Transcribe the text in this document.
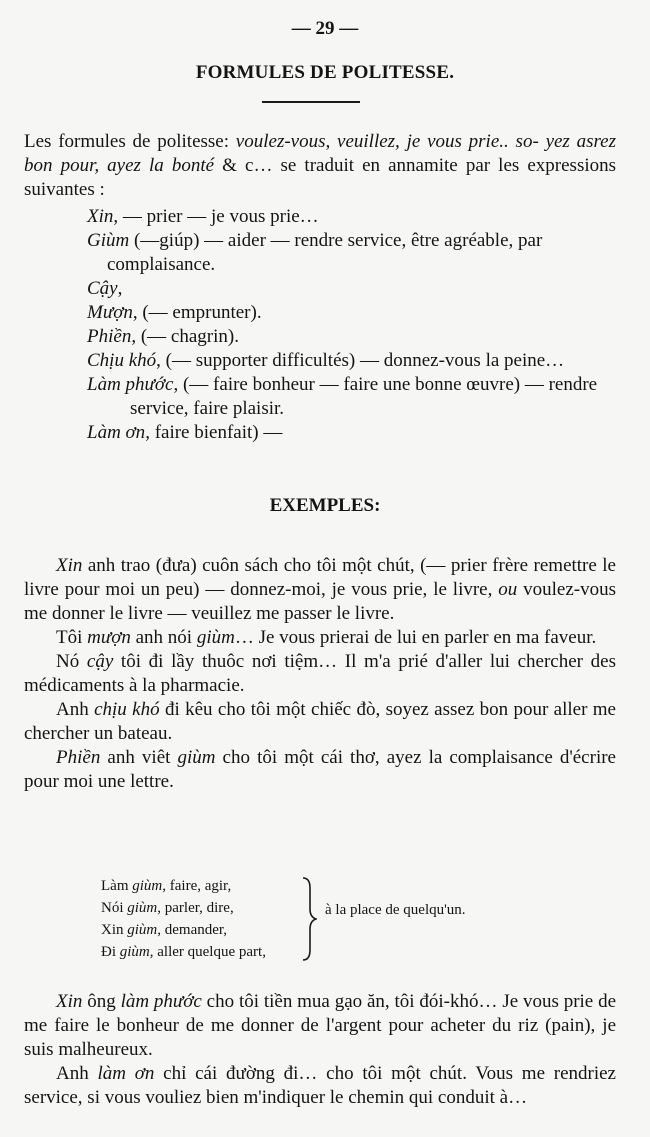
— 29 —
FORMULES DE POLITESSE.
Les formules de politesse: voulez-vous, veuillez, je vous prie.. so- yez asrez bon pour, ayez la bonté & c… se traduit en annamite par les expressions suivantes :
Xin, — prier — je vous prie…
Giùm (—giúp) — aider — rendre service, être agréable, par complaisance.
Cậy,
Mượn, (— emprunter).
Phiền, (— chagrin).
Chịu khó, (— supporter difficultés) — donnez-vous la peine…
Làm phước, (— faire bonheur — faire une bonne œuvre) — rendre service, faire plaisir.
Làm ơn, faire bienfait) —
EXEMPLES:
Xin anh trao (đưa) cuôn sách cho tôi một chút, (— prier frère remettre le livre pour moi un peu) — donnez-moi, je vous prie, le livre, ou voulez-vous me donner le livre — veuillez me passer le livre.
Tôi mượn anh nói giùm… Je vous prierai de lui en parler en ma faveur.
Nó cậy tôi đi lầy thuôc nơi tiệm… Il m'a prié d'aller lui chercher des médicaments à la pharmacie.
Anh chịu khó đi kêu cho tôi một chiếc đò, soyez assez bon pour aller me chercher un bateau.
Phiền anh viêt giùm cho tôi một cái thơ, ayez la complaisance d'écrire pour moi une lettre.
Làm giùm, faire, agir,
Nói giùm, parler, dire,
Xin giùm, demander,
Đi giùm, aller quelque part,
à la place de quelqu'un.
Xin ông làm phước cho tôi tiền mua gạo ăn, tôi đói-khó… Je vous prie de me faire le bonheur de me donner de l'argent pour acheter du riz (pain), je suis malheureux.
Anh làm ơn chỉ cái đường đi… cho tôi một chút. Vous me rendriez service, si vous vouliez bien m'indiquer le chemin qui conduit à…
